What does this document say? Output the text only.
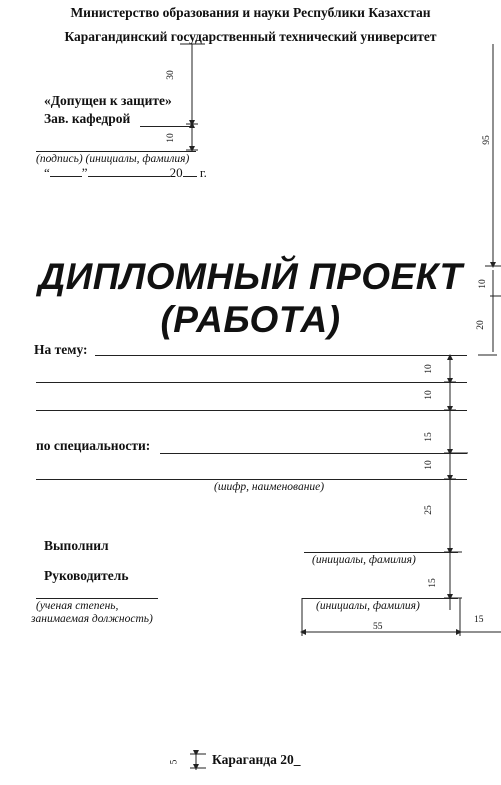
Министерство образования и науки Республики Казахстан
Карагандинский государственный технический университет
«Допущен к защите»
Зав. кафедрой
(подпись) (инициалы, фамилия)
“ ”	20 г.
ДИПЛОМНЫЙ ПРОЕКТ
(РАБОТА)
На тему:
по специальности:
(шифр, наименование)
Выполнил
(инициалы, фамилия)
Руководитель
(ученая степень,
занимаемая должность)
(инициалы, фамилия)
Караганда 20_
30
10	95
10
20
10
10
15
10
25
15
55
15
5
